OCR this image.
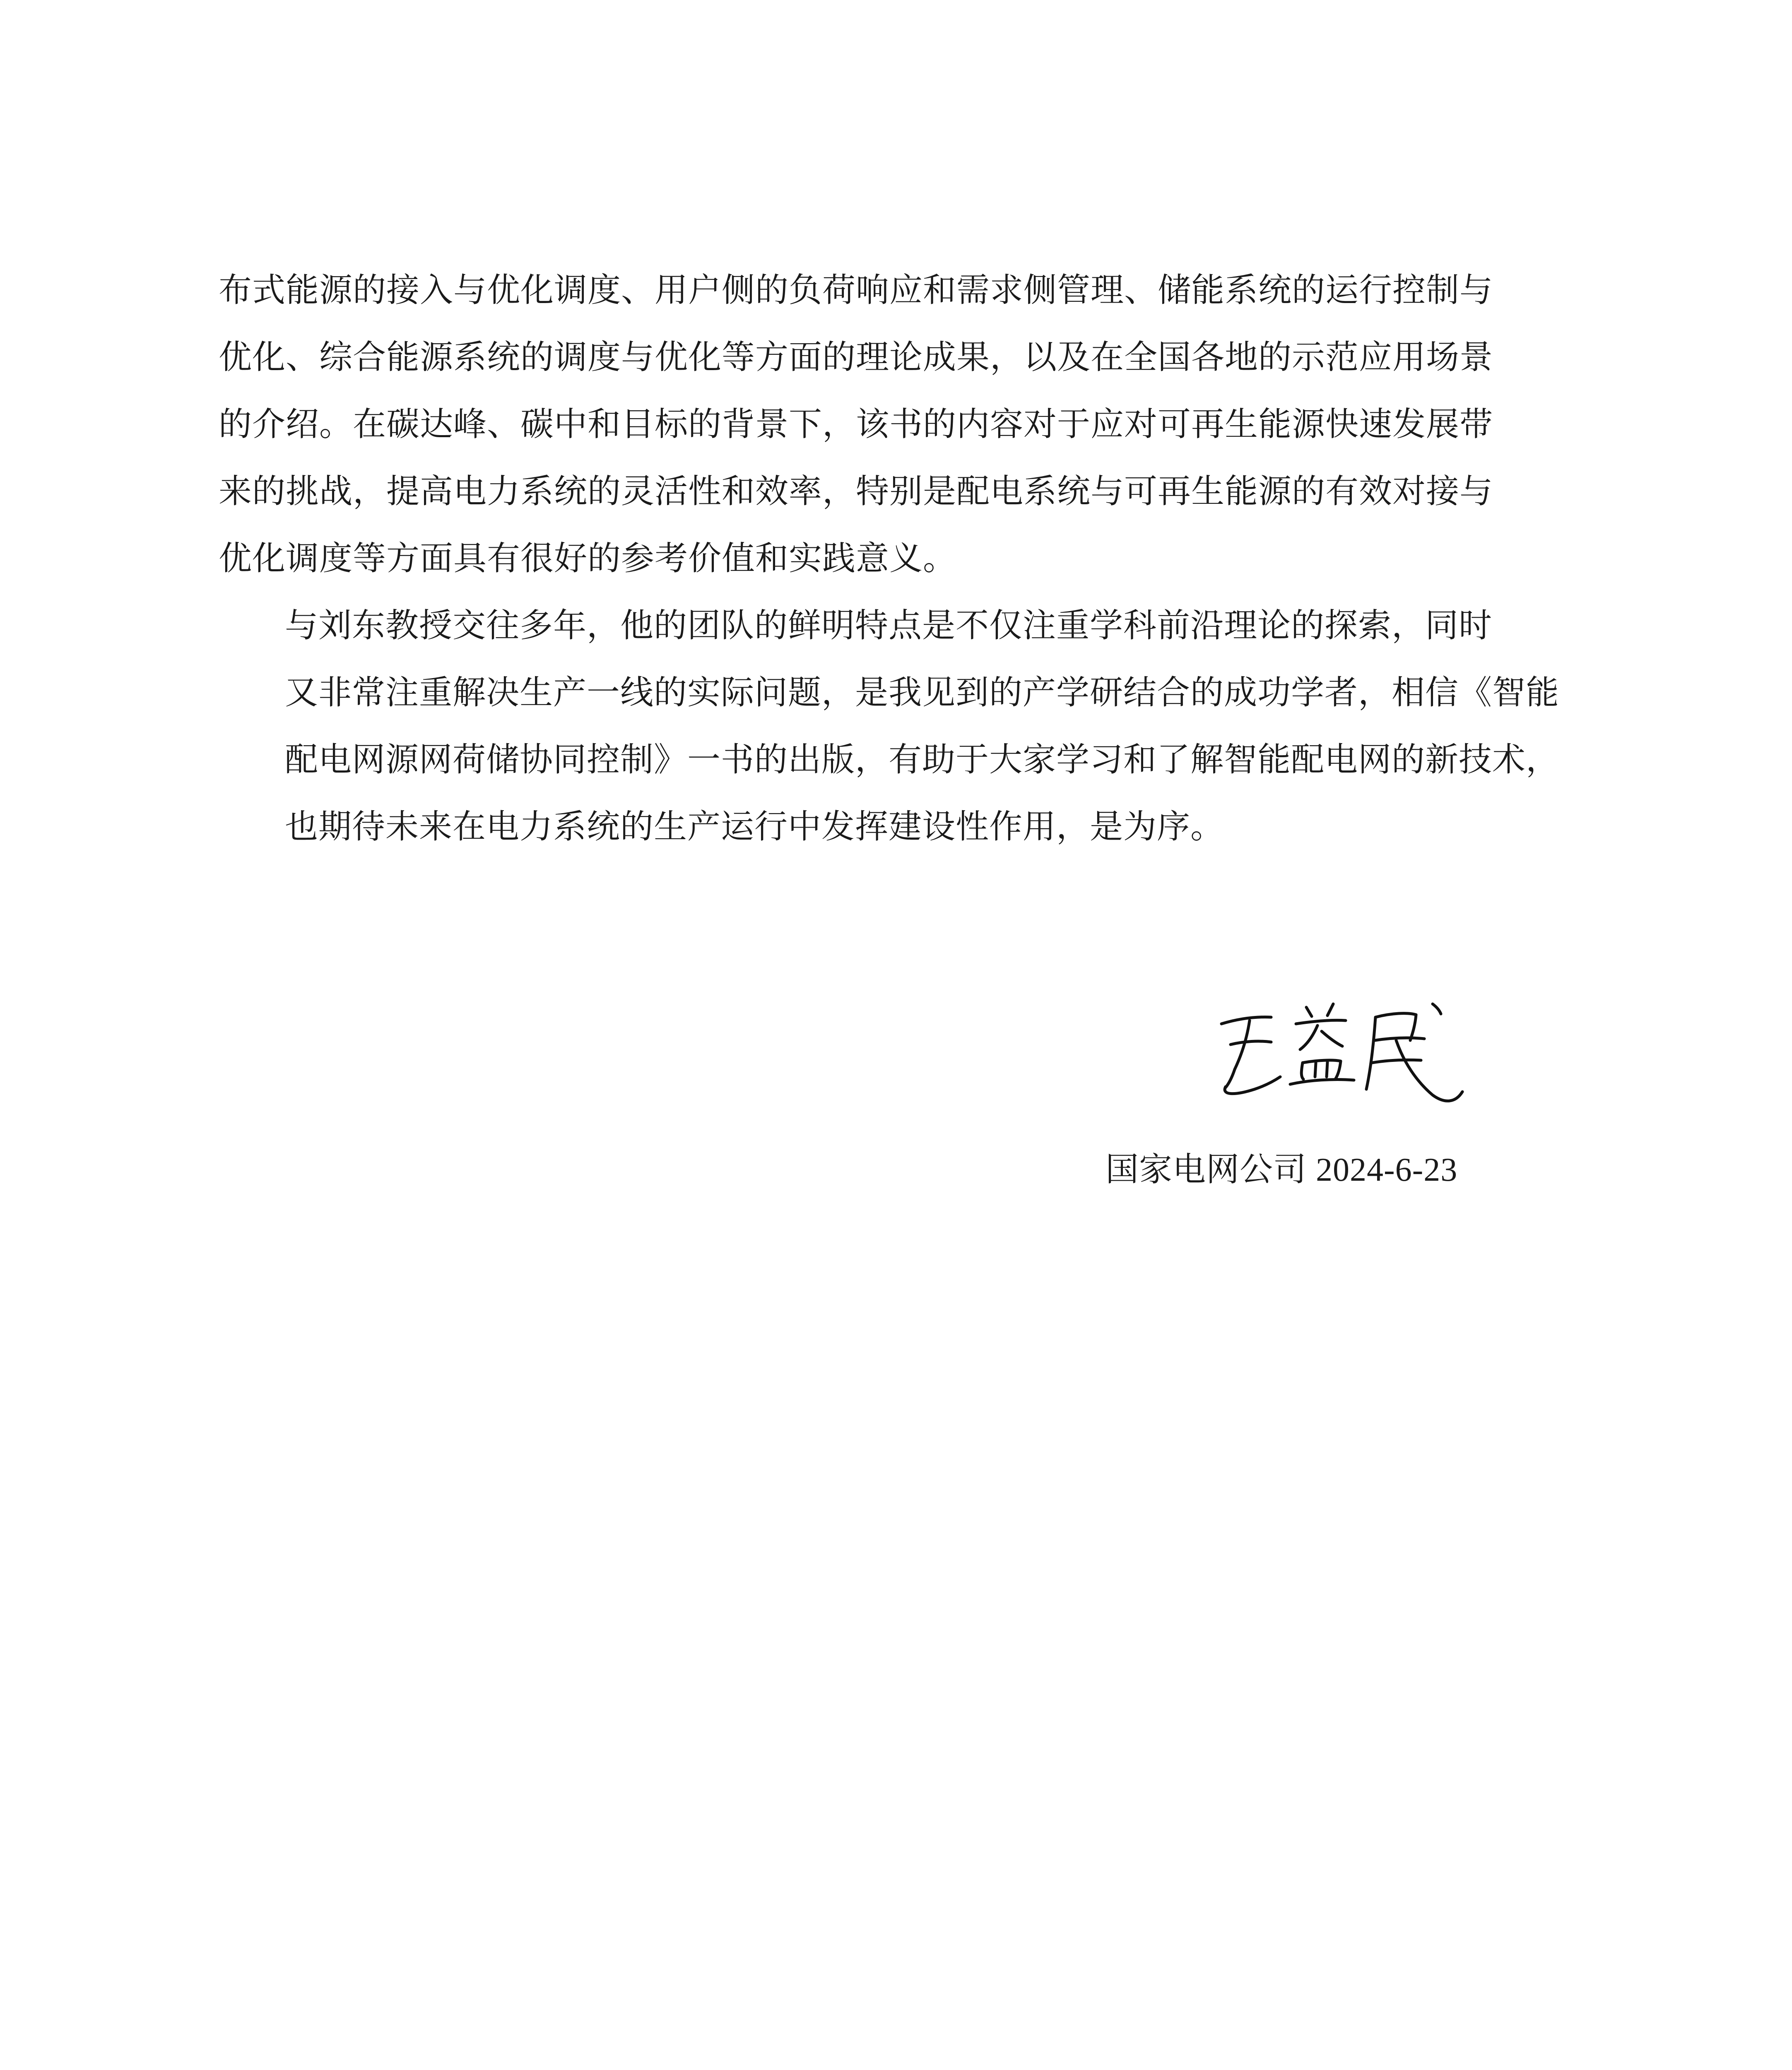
布式能源的接入与优化调度、用户侧的负荷响应和需求侧管理、储能系统的运行控制与
优化、综合能源系统的调度与优化等方面的理论成果，以及在全国各地的示范应用场景
的介绍。在碳达峰、碳中和目标的背景下，该书的内容对于应对可再生能源快速发展带
来的挑战，提高电力系统的灵活性和效率，特别是配电系统与可再生能源的有效对接与
优化调度等方面具有很好的参考价值和实践意义。

与刘东教授交往多年，他的团队的鲜明特点是不仅注重学科前沿理论的探索，同时

又非常注重解决生产一线的实际问题，是我见到的产学研结合的成功学者，相信《智能
配电网源网荷储协同控制》一书的出版，有助于大家学习和了解智能配电网的新技术，
也期待未来在电力系统的生产运行中发挥建设性作用，是为序。

国家电网公司 2024-6-23
